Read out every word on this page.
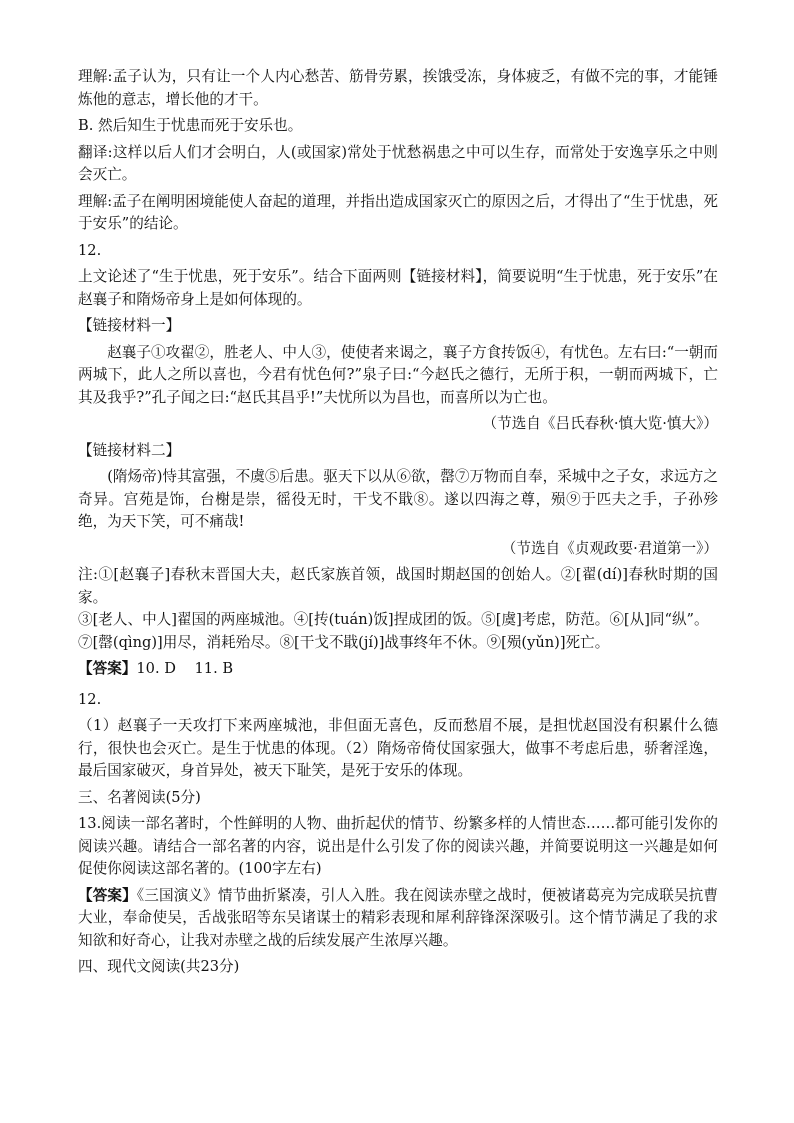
理解:孟子认为，只有让一个人内心愁苦、筋骨劳累，挨饿受冻，身体疲乏，有做不完的事，才能锤炼他的意志，增长他的才干。

B. 然后知生于忧患而死于安乐也。

翻译:这样以后人们才会明白，人(或国家)常处于忧愁祸患之中可以生存，而常处于安逸享乐之中则会灭亡。

理解:孟子在阐明困境能使人奋起的道理，并指出造成国家灭亡的原因之后，才得出了“生于忧患，死于安乐”的结论。

12.

上文论述了“生于忧患，死于安乐”。结合下面两则【链接材料】，简要说明“生于忧患，死于安乐”在赵襄子和隋炀帝身上是如何体现的。

【链接材料一】

赵襄子①攻翟②，胜老人、中人③，使使者来谒之，襄子方食抟饭④，有忧色。左右曰:“一朝而两城下，此人之所以喜也，今君有忧色何?”泉子曰:“今赵氏之德行，无所于积，一朝而两城下，亡其及我乎?”孔子闻之曰:“赵氏其昌乎!”夫忧所以为昌也，而喜所以为亡也。

（节选自《吕氏春秋·慎大览·慎大》）

【链接材料二】

(隋炀帝)恃其富强，不虞⑤后患。驱天下以从⑥欲，罄⑦万物而自奉，采城中之子女，求远方之奇异。宫苑是饰，台榭是崇，徭役无时，干戈不戢⑧。遂以四海之尊，殒⑨于匹夫之手，子孙殄绝，为天下笑，可不痛哉!

（节选自《贞观政要·君道第一》）

注:①[赵襄子]春秋末晋国大夫，赵氏家族首领，战国时期赵国的创始人。②[翟(dí)]春秋时期的国家。

③[老人、中人]翟国的两座城池。④[抟(tuán)饭]捏成团的饭。⑤[虞]考虑，防范。⑥[从]同“纵”。

⑦[罄(qìng)]用尽，消耗殆尽。⑧[干戈不戢(jí)]战事终年不休。⑨[殒(yǔn)]死亡。

【答案】10. D    11. B

12.

（1）赵襄子一天攻打下来两座城池，非但面无喜色，反而愁眉不展，是担忧赵国没有积累什么德行，很快也会灭亡。是生于忧患的体现。（2）隋炀帝倚仗国家强大，做事不考虑后患，骄奢淫逸，最后国家破灭，身首异处，被天下耻笑，是死于安乐的体现。

三、名著阅读(5分)

13.阅读一部名著时，个性鲜明的人物、曲折起伏的情节、纷繁多样的人情世态……都可能引发你的阅读兴趣。请结合一部名著的内容，说出是什么引发了你的阅读兴趣，并简要说明这一兴趣是如何促使你阅读这部名著的。(100字左右)

【答案】《三国演义》情节曲折紧凑，引人入胜。我在阅读赤壁之战时，便被诸葛亮为完成联吴抗曹大业，奉命使吴，舌战张昭等东吴诸谋士的精彩表现和犀利辞锋深深吸引。这个情节满足了我的求知欲和好奇心，让我对赤壁之战的后续发展产生浓厚兴趣。

四、现代文阅读(共23分)
